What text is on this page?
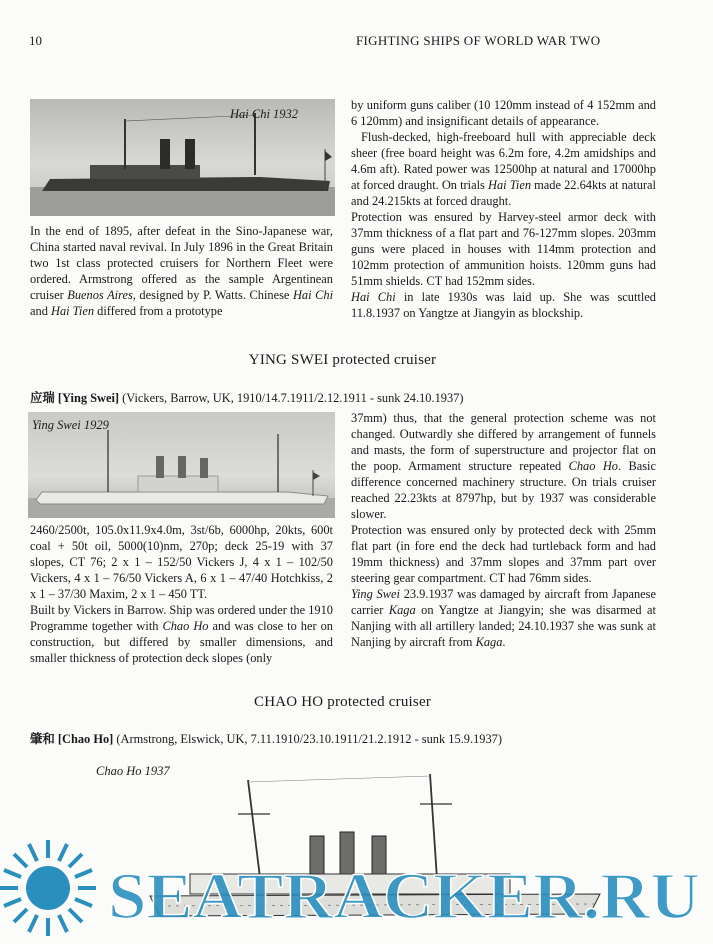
10	FIGHTING SHIPS OF WORLD WAR TWO
Hai Chi 1932

In the end of 1895, after defeat in the Sino-Japanese war, China started naval revival. In July 1896 in the Great Britain two 1st class protected cruisers for Northern Fleet were ordered. Armstrong offered as the sample Argentinean cruiser Buenos Aires, designed by P. Watts. Chinese Hai Chi and Hai Tien differed from a prototype

by uniform guns caliber (10 120mm instead of 4 152mm and 6 120mm) and insignificant details of appearance.

Flush-decked, high-freeboard hull with appreciable deck sheer (free board height was 6.2m fore, 4.2m amidships and 4.6m aft). Rated power was 12500hp at natural and 17000hp at forced draught. On trials Hai Tien made 22.64kts at natural and 24.215kts at forced draught.

Protection was ensured by Harvey-steel armor deck with 37mm thickness of a flat part and 76-127mm slopes. 203mm guns were placed in houses with 114mm protection and 102mm protection of ammunition hoists. 120mm guns had 51mm shields. CT had 152mm sides.

Hai Chi in late 1930s was laid up. She was scuttled 11.8.1937 on Yangtze at Jiangyin as blockship.

YING SWEI protected cruiser
应瑞 [Ying Swei] (Vickers, Barrow, UK, 1910/14.7.1911/2.12.1911 - sunk 24.10.1937)
Ying Swei 1929

2460/2500t, 105.0x11.9x4.0m, 3st/6b, 6000hp, 20kts, 600t coal + 50t oil, 5000(10)nm, 270p; deck 25-19 with 37 slopes, CT 76; 2 x 1 – 152/50 Vickers J, 4 x 1 – 102/50 Vickers, 4 x 1 – 76/50 Vickers A, 6 x 1 – 47/40 Hotchkiss, 2 x 1 – 37/30 Maxim, 2 x 1 – 450 TT.

Built by Vickers in Barrow. Ship was ordered under the 1910 Programme together with Chao Ho and was close to her on construction, but differed by smaller dimensions, and smaller thickness of protection deck slopes (only

37mm) thus, that the general protection scheme was not changed. Outwardly she differed by arrangement of funnels and masts, the form of superstructure and projector flat on the poop. Armament structure repeated Chao Ho. Basic difference concerned machinery structure. On trials cruiser reached 22.23kts at 8797hp, but by 1937 was considerable slower.

Protection was ensured only by protected deck with 25mm flat part (in fore end the deck had turtleback form and had 19mm thickness) and 37mm slopes and 37mm part over steering gear compartment. CT had 76mm sides.

Ying Swei 23.9.1937 was damaged by aircraft from Japanese carrier Kaga on Yangtze at Jiangyin; she was disarmed at Nanjing with all artillery landed; 24.10.1937 she was sunk at Nanjing by aircraft from Kaga.

CHAO HO protected cruiser
肇和 [Chao Ho] (Armstrong, Elswick, UK, 7.11.1910/23.10.1911/21.2.1912 - sunk 15.9.1937)
Chao Ho 1937
SEATRACKER.RU
